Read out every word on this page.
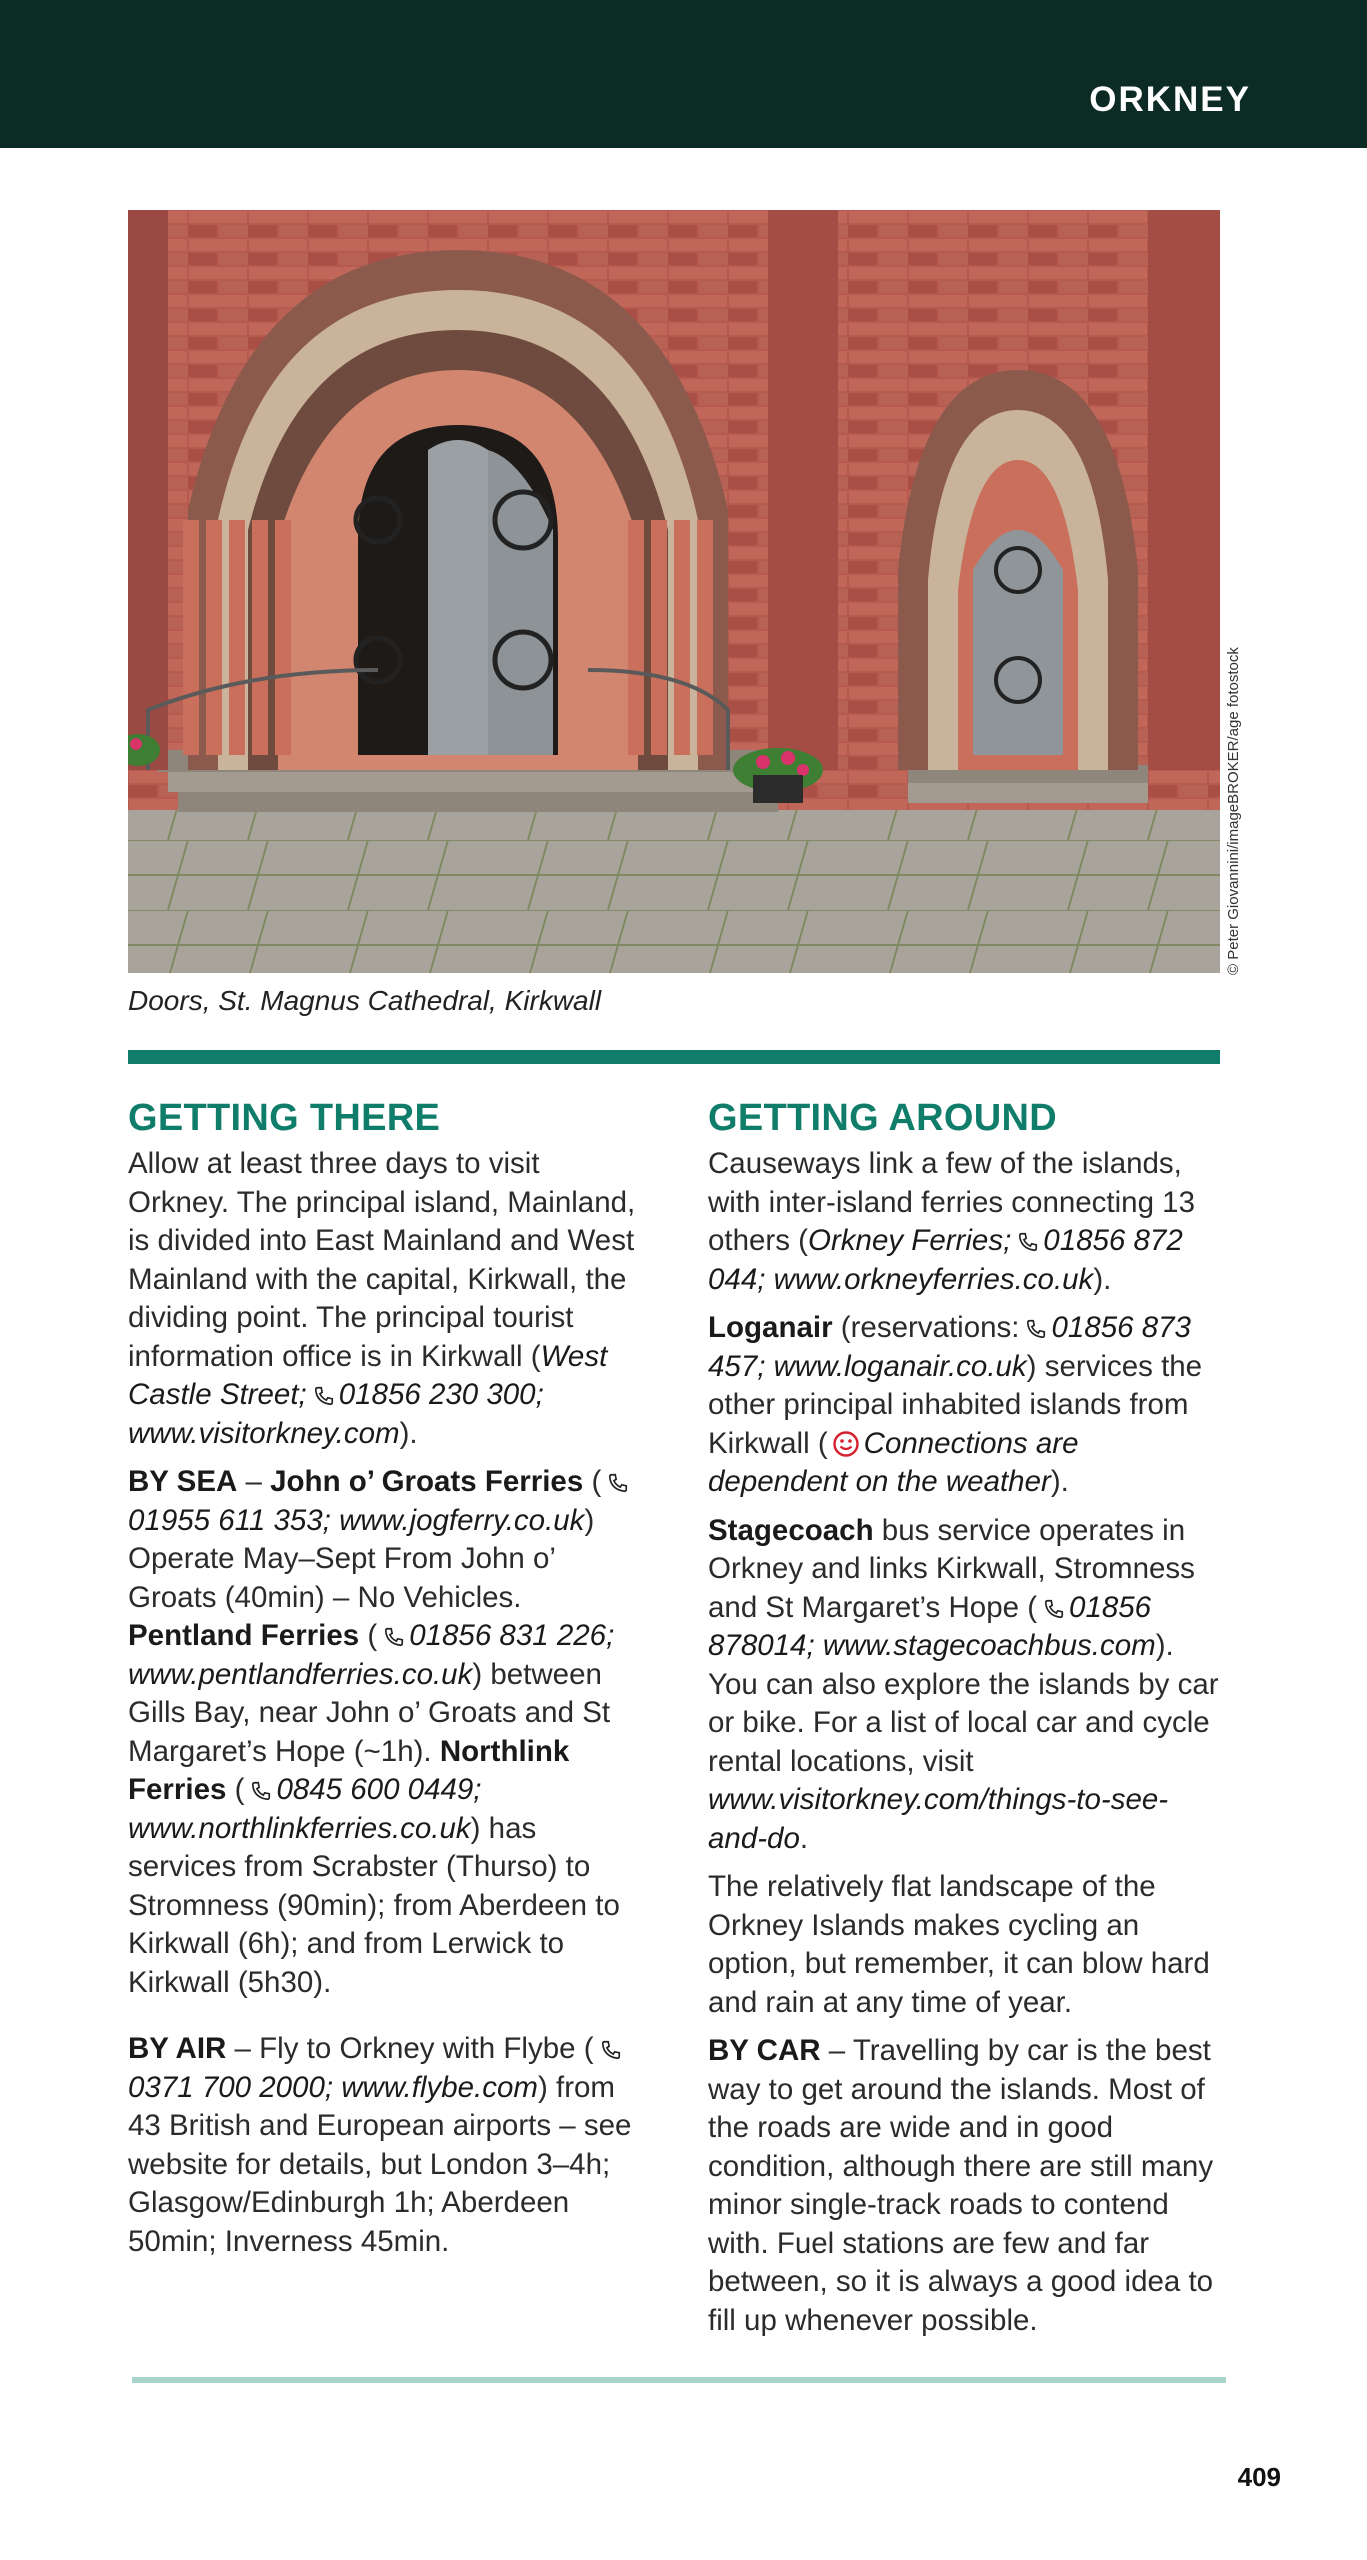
ORKNEY
© Peter Giovannini/imageBROKER/age fotostock
Doors, St. Magnus Cathedral, Kirkwall
GETTING THERE

Allow at least three days to visit Orkney. The principal island, Mainland, is divided into East Mainland and West Mainland with the capital, Kirkwall, the dividing point. The principal tourist information office is in Kirkwall (West Castle Street; 01856 230 300; www.visitorkney.com).

BY SEA – John o’ Groats Ferries (01955 611 353; www.jogferry.co.uk) Operate May–Sept From John o’ Groats (40min) – No Vehicles. Pentland Ferries ( 01856 831 226; www.pentlandferries.co.uk) between Gills Bay, near John o’ Groats and St Margaret’s Hope (~1h). Northlink Ferries ( 0845 600 0449; www.northlinkferries.co.uk) has services from Scrabster (Thurso) to Stromness (90min); from Aberdeen to Kirkwall (6h); and from Lerwick to Kirkwall (5h30).

BY AIR – Fly to Orkney with Flybe (0371 700 2000; www.flybe.com) from 43 British and European airports – see website for details, but London 3–4h; Glasgow/Edinburgh 1h; Aberdeen 50min; Inverness 45min.

GETTING AROUND

Causeways link a few of the islands, with inter-island ferries connecting 13 others (Orkney Ferries; 01856 872 044; www.orkneyferries.co.uk).

Loganair (reservations: 01856 873 457; www.loganair.co.uk) services the other principal inhabited islands from Kirkwall ( Connections are dependent on the weather).

Stagecoach bus service operates in Orkney and links Kirkwall, Stromness and St Margaret’s Hope ( 01856 878014; www.stagecoachbus.com). You can also explore the islands by car or bike. For a list of local car and cycle rental locations, visit www.visitorkney.com/things-to-see-and-do.

The relatively flat landscape of the Orkney Islands makes cycling an option, but remember, it can blow hard and rain at any time of year.

BY CAR – Travelling by car is the best way to get around the islands. Most of the roads are wide and in good condition, although there are still many minor single-track roads to contend with. Fuel stations are few and far between, so it is always a good idea to fill up whenever possible.

409
